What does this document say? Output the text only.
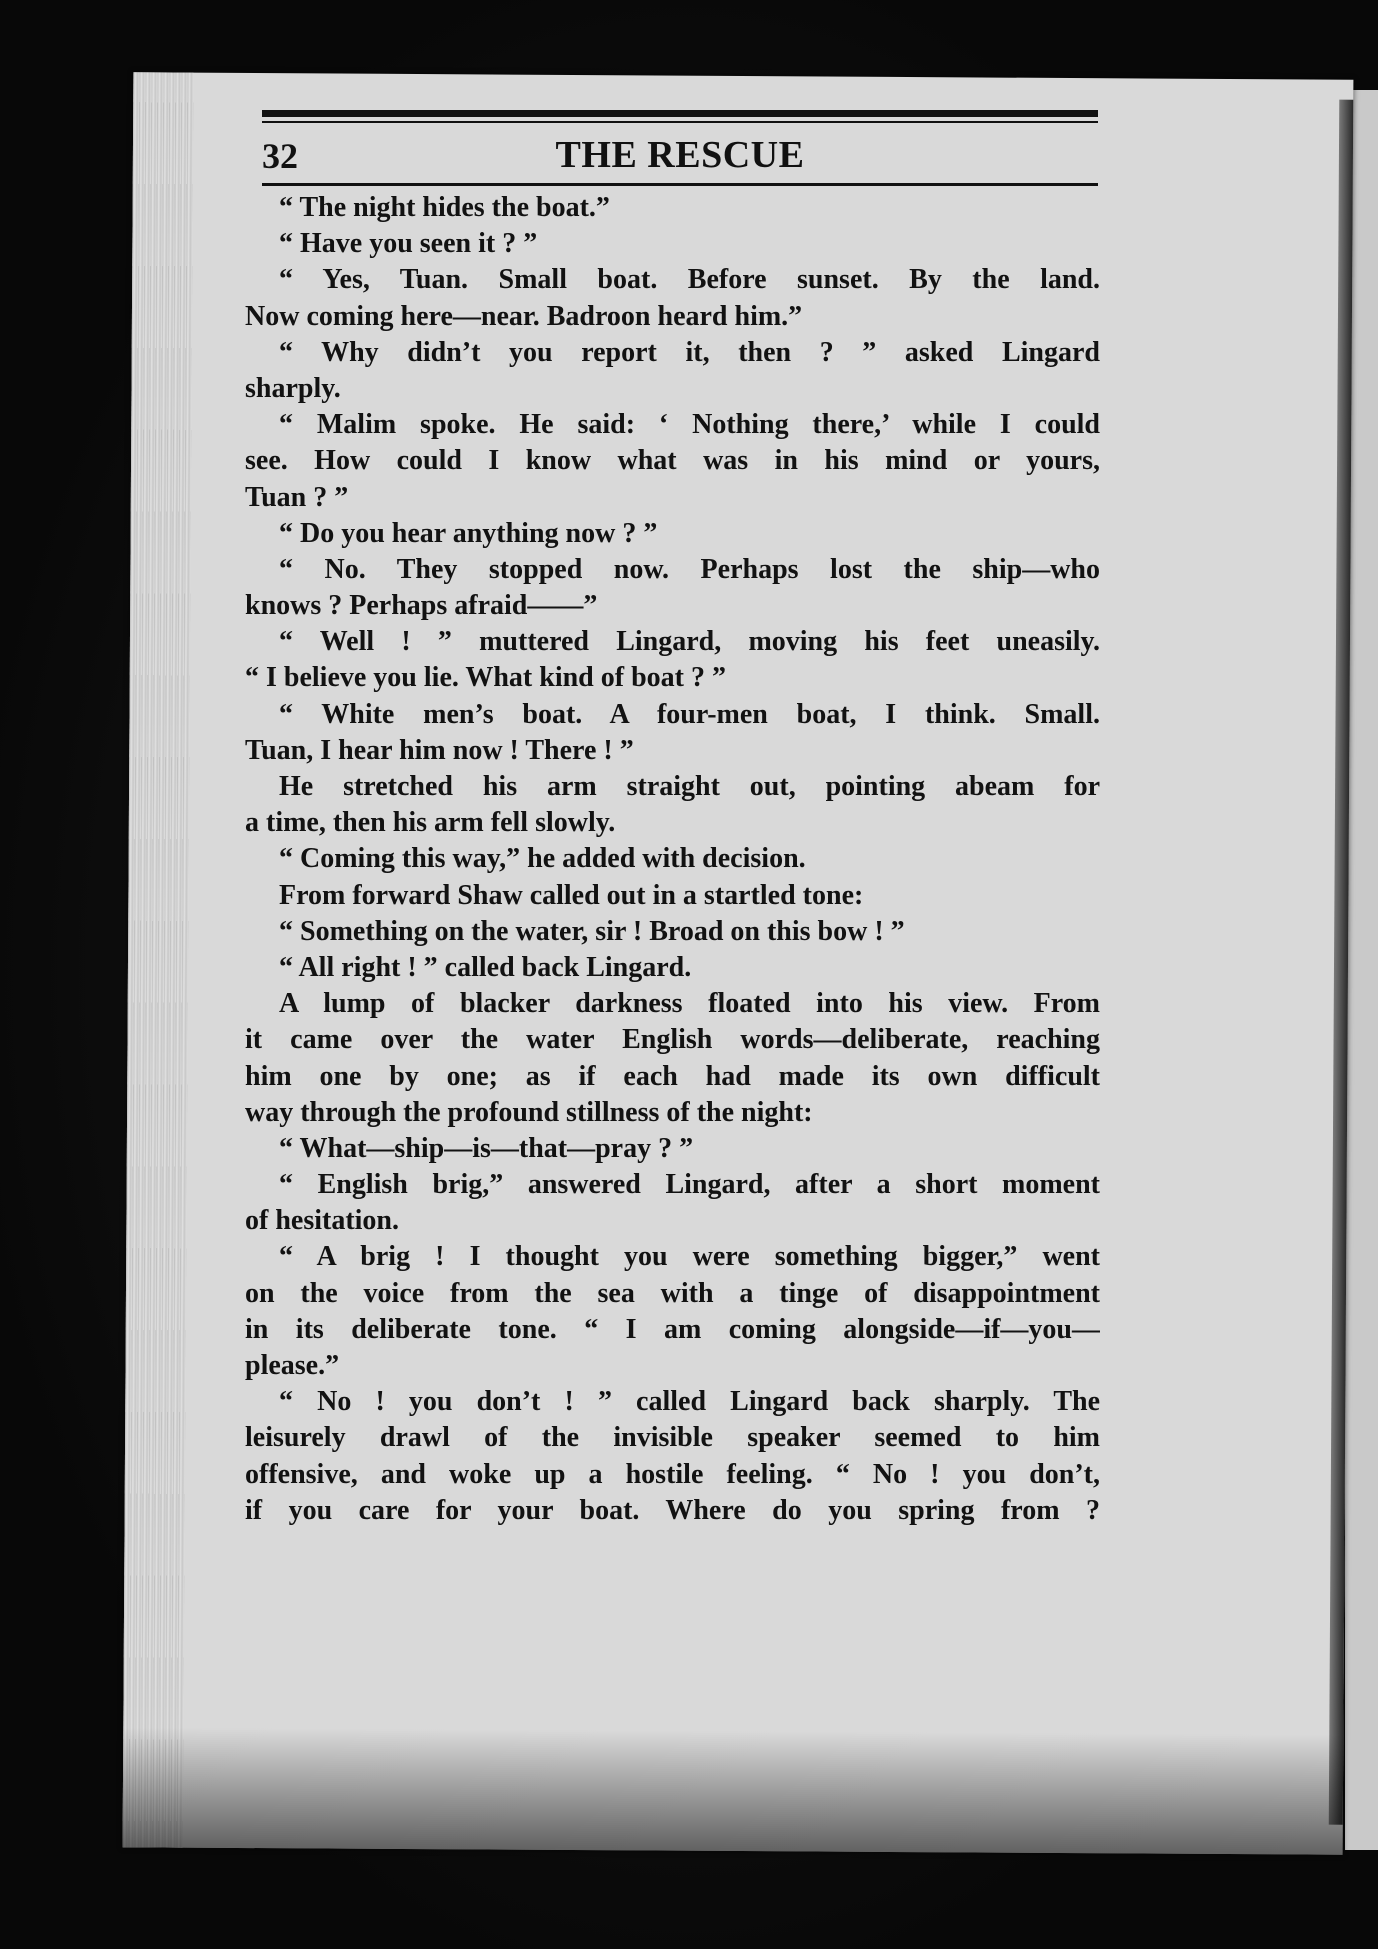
32	THE RESCUE
“ The night hides the boat.”
“ Have you seen it ? ”
“ Yes, Tuan. Small boat. Before sunset. By the land.
Now coming here—near. Badroon heard him.”
“ Why didn’t you report it, then ? ” asked Lingard
sharply.
“ Malim spoke. He said: ‘ Nothing there,’ while I could
see. How could I know what was in his mind or yours,
Tuan ? ”
“ Do you hear anything now ? ”
“ No. They stopped now. Perhaps lost the ship—who
knows ? Perhaps afraid——”
“ Well ! ” muttered Lingard, moving his feet uneasily.
“ I believe you lie. What kind of boat ? ”
“ White men’s boat. A four-men boat, I think. Small.
Tuan, I hear him now ! There ! ”
He stretched his arm straight out, pointing abeam for
a time, then his arm fell slowly.
“ Coming this way,” he added with decision.
From forward Shaw called out in a startled tone:
“ Something on the water, sir ! Broad on this bow ! ”
“ All right ! ” called back Lingard.
A lump of blacker darkness floated into his view. From
it came over the water English words—deliberate, reaching
him one by one; as if each had made its own difficult
way through the profound stillness of the night:
“ What—ship—is—that—pray ? ”
“ English brig,” answered Lingard, after a short moment
of hesitation.
“ A brig ! I thought you were something bigger,” went
on the voice from the sea with a tinge of disappointment
in its deliberate tone. “ I am coming alongside—if—you—
please.”
“ No ! you don’t ! ” called Lingard back sharply. The
leisurely drawl of the invisible speaker seemed to him
offensive, and woke up a hostile feeling. “ No ! you don’t,
if you care for your boat. Where do you spring from ?
